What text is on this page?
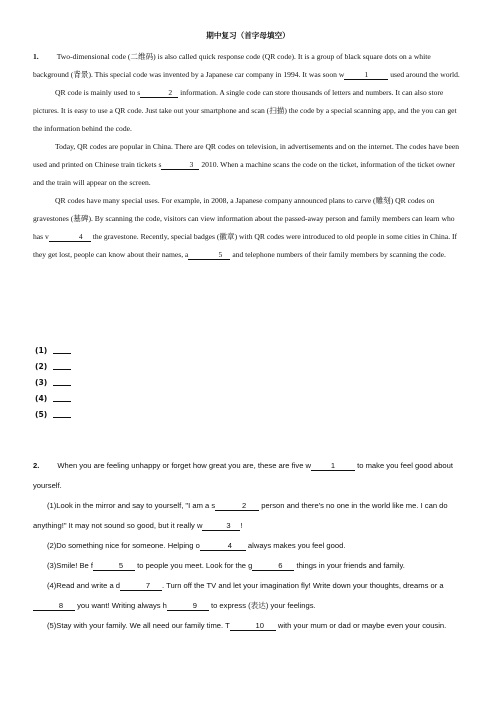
期中复习（首字母填空）

1. Two-dimensional code (二维码) is also called quick response code (QR code). It is a group of black square dots on a white background (背景). This special code was invented by a Japanese car company in 1994. It was soon w	1	used around the world.

QR code is mainly used to s	2 information. A single code can store thousands of letters and numbers. It can also store pictures. It is easy to use a QR code. Just take out your smartphone and scan (扫描) the code by a special scanning app, and the you can get the information behind the code.

Today, QR codes are popular in China. There are QR codes on television, in advertisements and on the internet. The codes have been used and printed on Chinese train tickets s	3 2010. When a machine scans the code on the ticket, information of the ticket owner and the train will appear on the screen.

QR codes have many special uses. For example, in 2008, a Japanese company announced plans to carve (雕刻) QR codes on gravestones (墓碑). By scanning the code, visitors can view information about the passed-away person and family members can learn who has v	4 the gravestone. Recently, special badges (徽章) with QR codes were introduced to old people in some cities in China. If they get lost, people can know about their names, a	5 and telephone numbers of their family members by scanning the code.

(1)
(2)
(3)
(4)
(5)

2. When you are feeling unhappy or forget how great you are, these are five w	1	to make you feel good about yourself.

(1)Look in the mirror and say to yourself, "I am a s	2 person and there's no one in the world like me. I can do anything!" It may not sound so good, but it really w	3 !

(2)Do something nice for someone. Helping o	4 always makes you feel good.

(3)Smile! Be f	5 to people you meet. Look for the g	6 things in your friends and family.

(4)Read and write a d	7 . Turn off the TV and let your imagination fly! Write down your thoughts, dreams or a8 you want! Writing always h	9 to express (表达) your feelings.

(5)Stay with your family. We all need our family time. T	10 with your mum or dad or maybe even your cousin.
